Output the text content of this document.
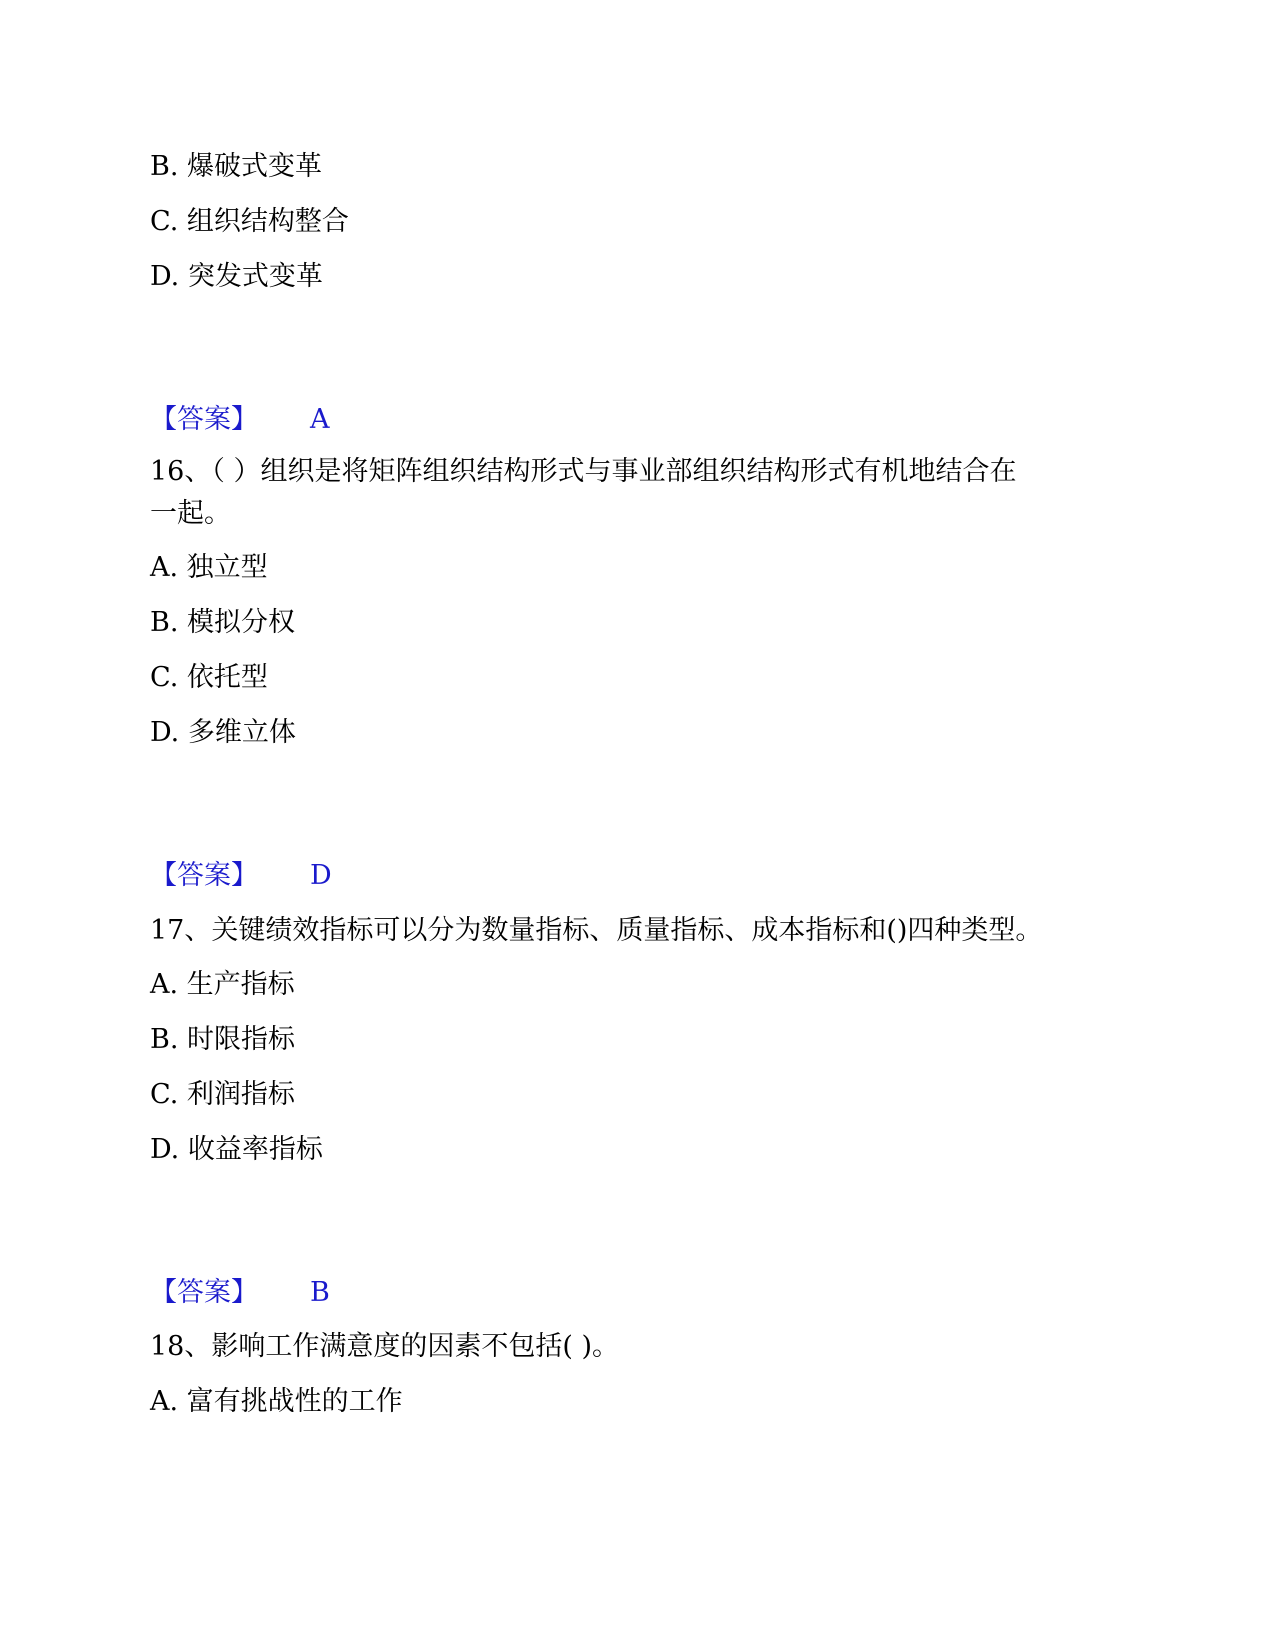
B. 爆破式变革
C. 组织结构整合
D. 突发式变革
【答案】 A
16、（ ）组织是将矩阵组织结构形式与事业部组织结构形式有机地结合在
一起。
A. 独立型
B. 模拟分权
C. 依托型
D. 多维立体
【答案】 D
17、关键绩效指标可以分为数量指标、质量指标、成本指标和()四种类型。
A. 生产指标
B. 时限指标
C. 利润指标
D. 收益率指标
【答案】 B
18、影响工作满意度的因素不包括( )。
A. 富有挑战性的工作
